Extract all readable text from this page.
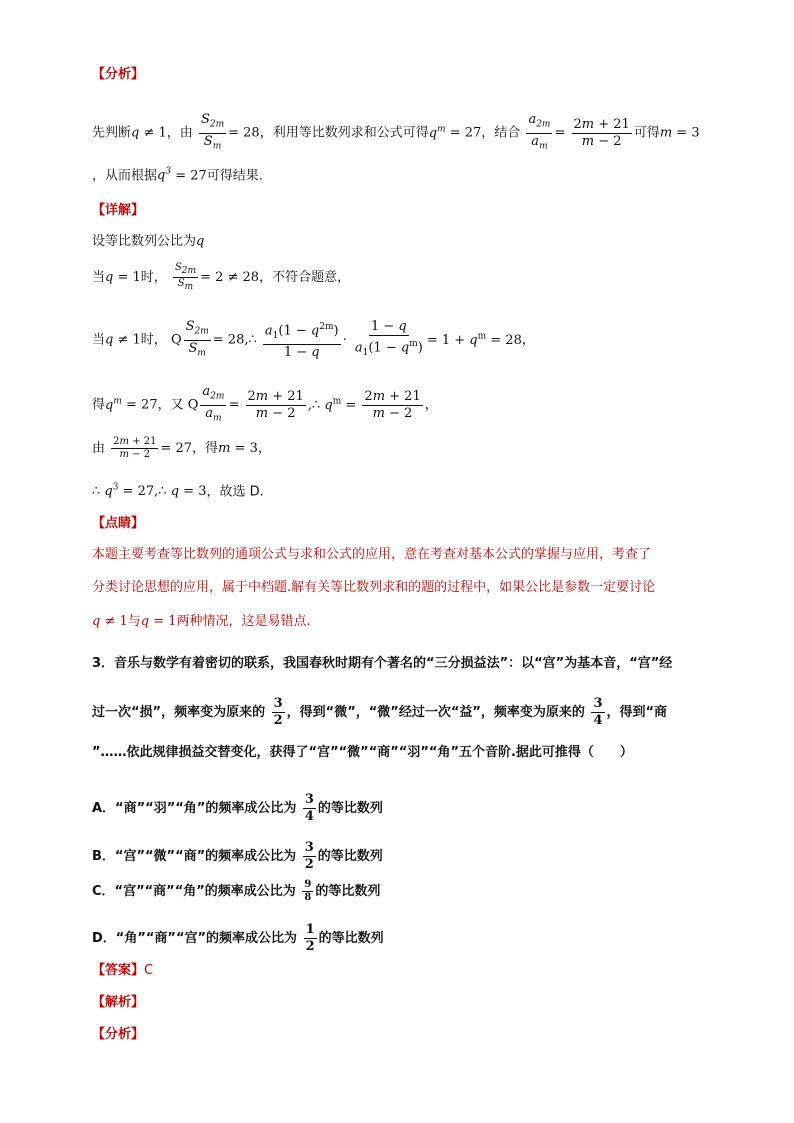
【分析】
先判断q ≠ 1，由 $\frac{S_{2m}}{S_m} = 28$，利用等比数列求和公式可得$q^m = 27$，结合 $\frac{a_{2m}}{a_m} = \frac{2m + 21}{m - 2}$ 可得m = 3
，从而根据$q^3 = 27$可得结果.
【详解】
设等比数列公比为q
当q = 1时， $\frac{S_{2m}}{S_m} = 2 \ne 28$，不符合题意，
当q ≠ 1时， Q $\frac{S_{2m}}{S_m}$ = 28,∴ $\frac{a_1(1 - q^{2m})}{1 - q} \cdot \frac{1 - q}{a_1(1 - q^m)} = 1 + q^m = 28$，
得$q^m = 27$，又 Q $\frac{a_{2m}}{a_m} = \frac{2m + 21}{m - 2}$ ,∴ $q^m = \frac{2m + 21}{m - 2}$ ，
由 $\frac{2m + 21}{m - 2} = 27$，得m = 3，
∴ $q^3$ = 27,∴ q = 3，故选 D.
【点睛】
本题主要考查等比数列的通项公式与求和公式的应用，意在考查对基本公式的掌握与应用，考查了
分类讨论思想的应用，属于中档题.解有关等比数列求和的题的过程中，如果公比是参数一定要讨论
q ≠ 1与q = 1两种情况，这是易错点.
3．音乐与数学有着密切的联系，我国春秋时期有个著名的“三分损益法”：以“宫”为基本音，“宫”经
过一次“损”，频率变为原来的 $\frac{3}{2}$ ，得到“微”，“微”经过一次“益”，频率变为原来的 $\frac{3}{4}$ ，得到“商
”……依此规律损益交替变化，获得了“宫”“微”“商”“羽”“角”五个音阶.据此可推得（　　）
A．“商”“羽”“角”的频率成公比为 $\frac{3}{4}$ 的等比数列
B．“宫”“微”“商”的频率成公比为 $\frac{3}{2}$ 的等比数列
C．“宫”“商”“角”的频率成公比为 $\frac{9}{8}$ 的等比数列
D．“角”“商”“宫”的频率成公比为 $\frac{1}{2}$ 的等比数列
【答案】C
【解析】
【分析】
